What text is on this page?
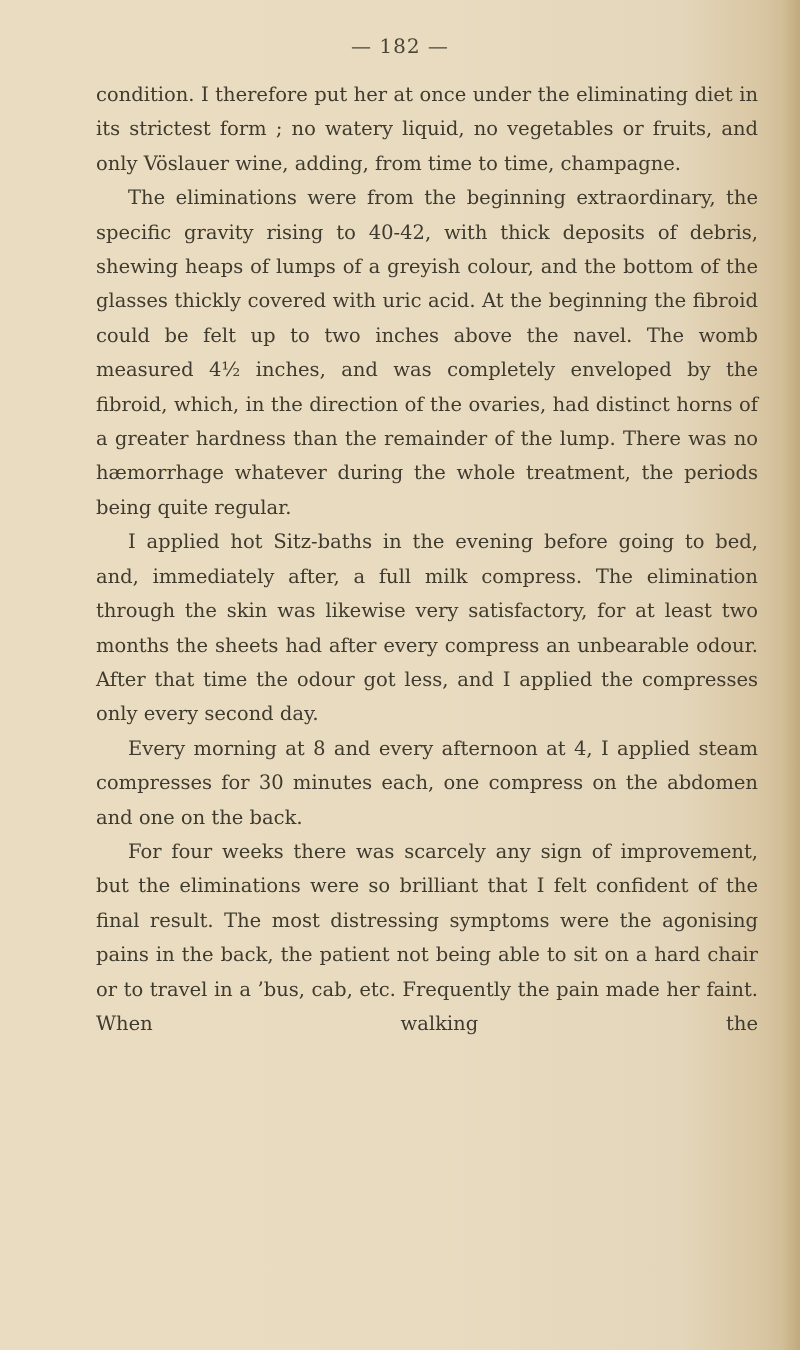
— 182 —

condition. I therefore put her at once under the eliminating diet in its strictest form ; no watery liquid, no vegetables or fruits, and only Vöslauer wine, adding, from time to time, champagne.

The eliminations were from the beginning extraordinary, the specific gravity rising to 40-42, with thick deposits of debris, shewing heaps of lumps of a greyish colour, and the bottom of the glasses thickly covered with uric acid. At the beginning the fibroid could be felt up to two inches above the navel. The womb measured 4½ inches, and was completely enveloped by the fibroid, which, in the direction of the ovaries, had distinct horns of a greater hardness than the remainder of the lump. There was no hæmorrhage whatever during the whole treatment, the periods being quite regular.

I applied hot Sitz-baths in the evening before going to bed, and, immediately after, a full milk compress. The elimination through the skin was likewise very satisfactory, for at least two months the sheets had after every compress an unbearable odour. After that time the odour got less, and I applied the compresses only every second day.

Every morning at 8 and every afternoon at 4, I applied steam compresses for 30 minutes each, one compress on the abdomen and one on the back.

For four weeks there was scarcely any sign of improvement, but the eliminations were so brilliant that I felt confident of the final result. The most distressing symptoms were the agonising pains in the back, the patient not being able to sit on a hard chair or to travel in a ’bus, cab, etc. Frequently the pain made her faint. When walking the
